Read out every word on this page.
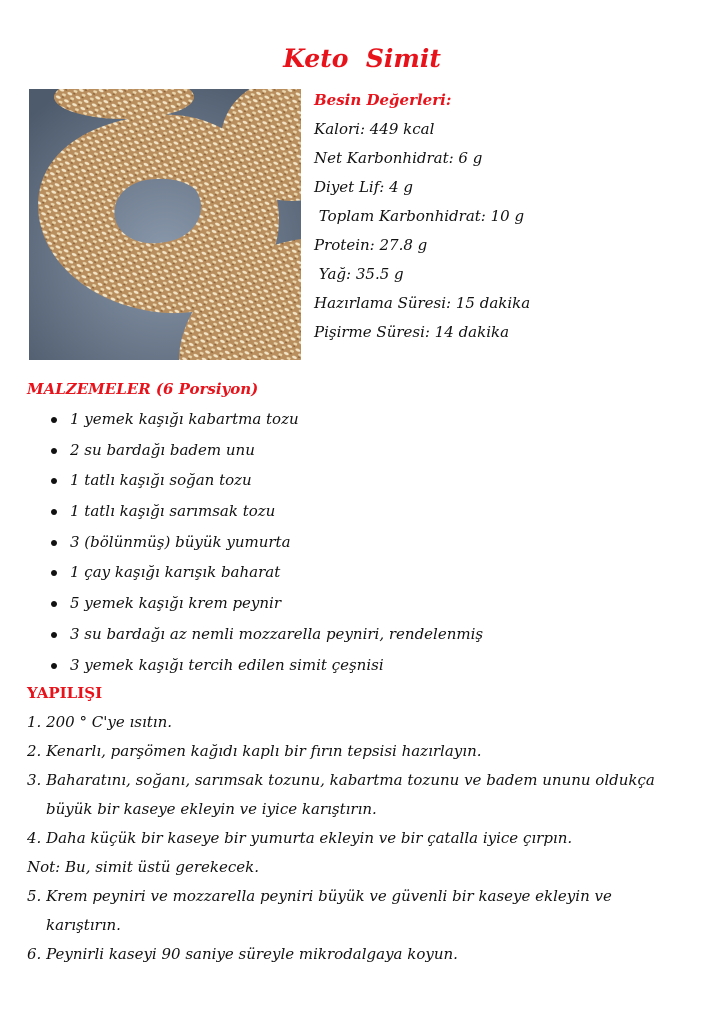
Keto  Simit
Besin Değerleri:
Kalori: 449 kcal
Net Karbonhidrat: 6 g
Diyet Lif: 4 g
Toplam Karbonhidrat: 10 g
Protein: 27.8 g
Yağ: 35.5 g
Hazırlama Süresi: 15 dakika
Pişirme Süresi: 14 dakika
MALZEMELER (6 Porsiyon)
1 yemek kaşığı kabartma tozu
2 su bardağı badem unu
1 tatlı kaşığı soğan tozu
1 tatlı kaşığı sarımsak tozu
3 (bölünmüş) büyük yumurta
1 çay kaşığı karışık baharat
5 yemek kaşığı krem peynir
3 su bardağı az nemli mozzarella peyniri, rendelenmiş
3 yemek kaşığı tercih edilen simit çeşnisi
YAPILIŞI
1. 200 ° C'ye ısıtın.
2. Kenarlı, parşömen kağıdı kaplı bir fırın tepsisi hazırlayın.
3. Baharatını, soğanı, sarımsak tozunu, kabartma tozunu ve badem ununu oldukça
büyük bir kaseye ekleyin ve iyice karıştırın.
4. Daha küçük bir kaseye bir yumurta ekleyin ve bir çatalla iyice çırpın.
Not: Bu, simit üstü gerekecek.
5. Krem peyniri ve mozzarella peyniri büyük ve güvenli bir kaseye ekleyin ve
karıştırın.
6. Peynirli kaseyi 90 saniye süreyle mikrodalgaya koyun.
